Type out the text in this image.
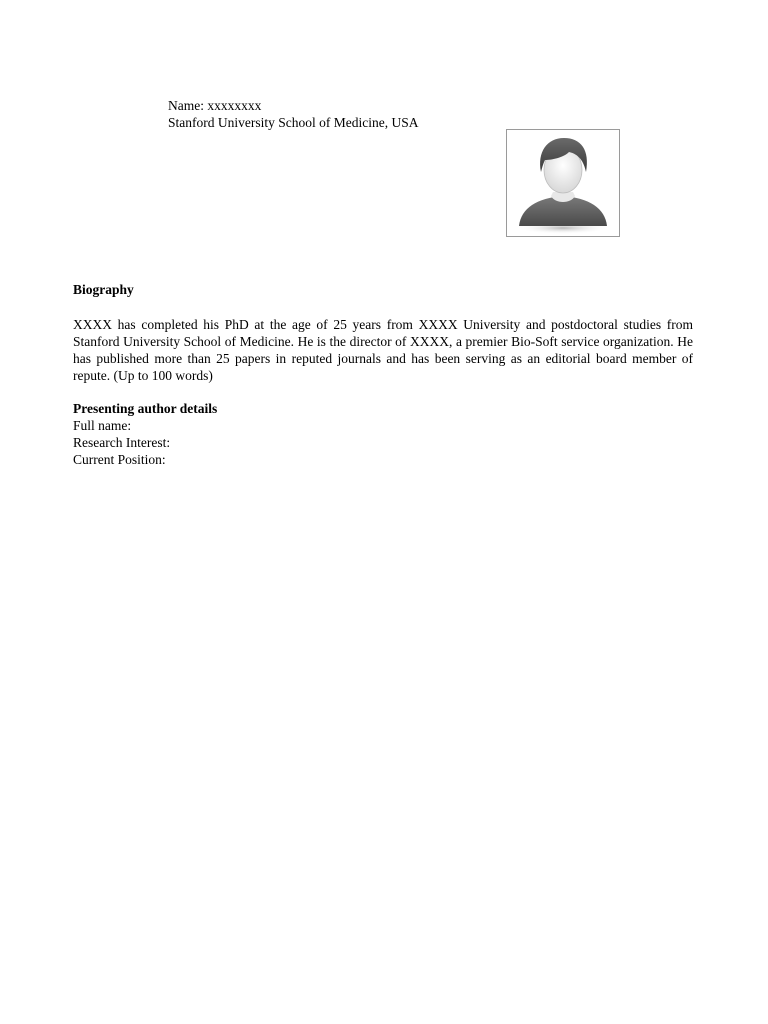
Name: xxxxxxxx
Stanford University School of Medicine, USA
Biography
XXXX has completed his PhD at the age of 25 years from XXXX University and postdoctoral studies from Stanford University School of Medicine. He is the director of XXXX, a premier Bio-Soft service organization. He has published more than 25 papers in reputed journals and has been serving as an editorial board member of repute. (Up to 100 words)
Presenting author details
Full name:
Research Interest:
Current Position:
